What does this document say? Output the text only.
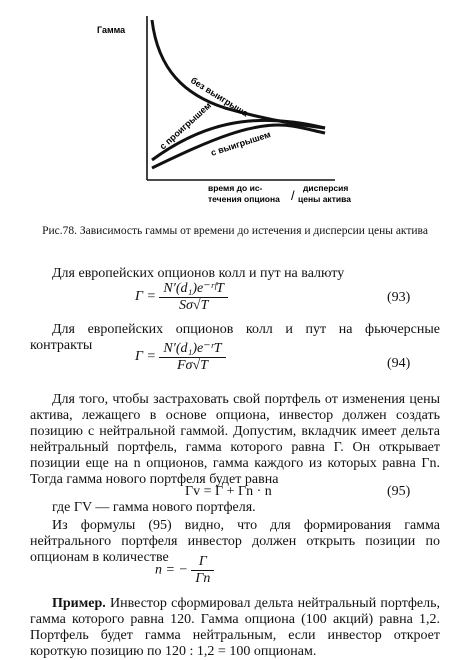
Гамма
без выигрыша
с проигрышем
с выигрышем
время до ис-
течения опциона / дисперсия
цены актива
Рис.78. Зависимость гаммы от времени до истечения и дисперсии цены актива
Для европейских опционов колл и пут на валюту
$\Gamma = \frac{\text{N′(d₁)e⁻ʳᶠT}}{S\sigma√T}$	(93)
Для европейских опционов колл и пут на фьючерсные контракты
$\Gamma = \frac{\text{N′(d₁)e⁻ʳT}}{F\sigma√T}$	(94)
Для того, чтобы застраховать свой портфель от изменения цены актива, лежащего в основе опциона, инвестор должен создать позицию с нейтральной гаммой. Допустим, вкладчик имеет дельта нейтральный портфель, гамма которого равна Г. Он открывает позиции еще на n опционов, гамма каждого из которых равна Гn. Тогда гамма нового портфеля будет равна
Гv = Г + Гn · n	(95)
где ГV — гамма нового портфеля.
Из формулы (95) видно, что для формирования гамма нейтрального портфеля инвестор должен открыть позиции по опционам в количестве
n = − $\frac{Г}{Гn}$
Пример. Инвестор сформировал дельта нейтральный портфель, гамма которого равна 120. Гамма опциона (100 акций) равна 1,2. Портфель будет гамма нейтральным, если инвестор откроет короткую позицию по 120 : 1,2 = 100 опционам.
